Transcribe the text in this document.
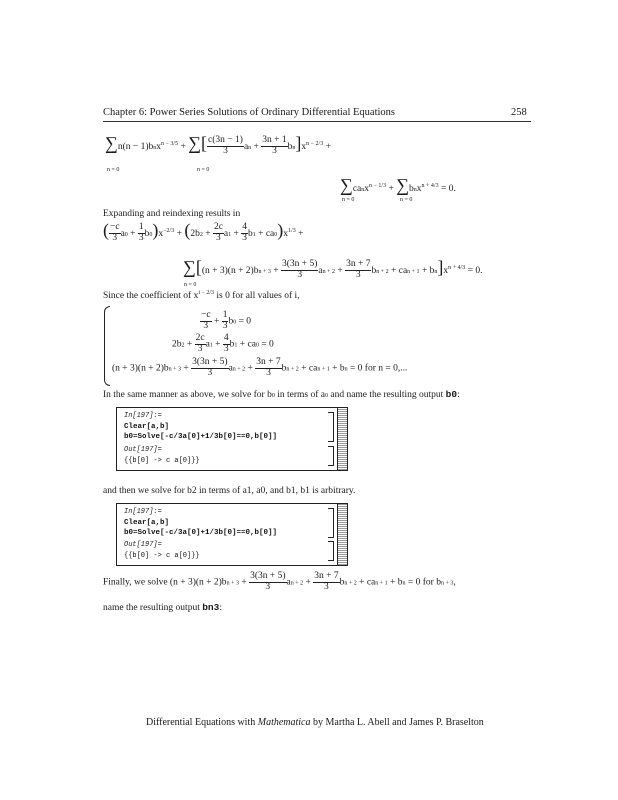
Chapter 6: Power Series Solutions of Ordinary Differential Equations	258
∑n(n − 1)bnx$^{n - 3/5}$ + ∑[ $\frac{c(3n - 1)}{3}$ an + $\frac{3n + 1}{3} bn]x^{n - 2/3}$ +
n = 0	n = 0
∑canx$^{n - 1/3}$ + ∑bnx$^{n + 4/3}$ = 0.
n = 0	n = 0
Expanding and reindexing results in
( $\frac{-c}{3} a0 + \frac{1}{3} b0)x^{-2/3} + (2b2 + \frac{2c}{3} a1 + \frac{4}{3} b1 + ca0)x^{1/3}$ +
$\sum[(n + 3)(n + 2)bn + 3 + \frac{3(3n + 5)}{3}$ an + $2 + \frac{3n + 7}{3}$ bn + 2 + can + $1 + bn]x^{n + 4/3} = 0$.
n = 0
Since the coefficient of $x^{i - 2/3}$ is 0 for all values of i,
$\frac{-c}{3} + \frac{1}{3} b0 = 0$
$2b2 + \frac{2c}{3} a1 + \frac{4}{3} b1 + ca0 = 0$
$(n + 3)(n + 2)bn + 3 + \frac{3(3n + 5)}{3}$ an + $2 + \frac{3n + 7}{3}$ bn + 2 + can + 1 + bn = 0 for n = 0,...
In the same manner as above, we solve for b0 in terms of a0 and name the resulting output b0:
In[197]:=
Clear[a,b]
b0=Solve[-c/3a[0]+1/3b[0]==0,b[0]]
Out[197]=
{{b[0] -> c a[0]}}
and then we solve for b2 in terms of a1, a0, and b1, b1 is arbitrary.
In[197]:=
Clear[a,b]
b0=Solve[-c/3a[0]+1/3b[0]==0,b[0]]
Out[197]=
{{b[0] -> c a[0]}}
Finally, we solve $(n + 3)(n + 2)bn + 3 + \frac{3(3n + 5)}{3}$ an + $2 + \frac{3n + 7}{3}$ bn + 2 + can + 1 + bn = 0 for bn + 3,
name the resulting output bn3:
Differential Equations with Mathematica by Martha L. Abell and James P. Braselton
